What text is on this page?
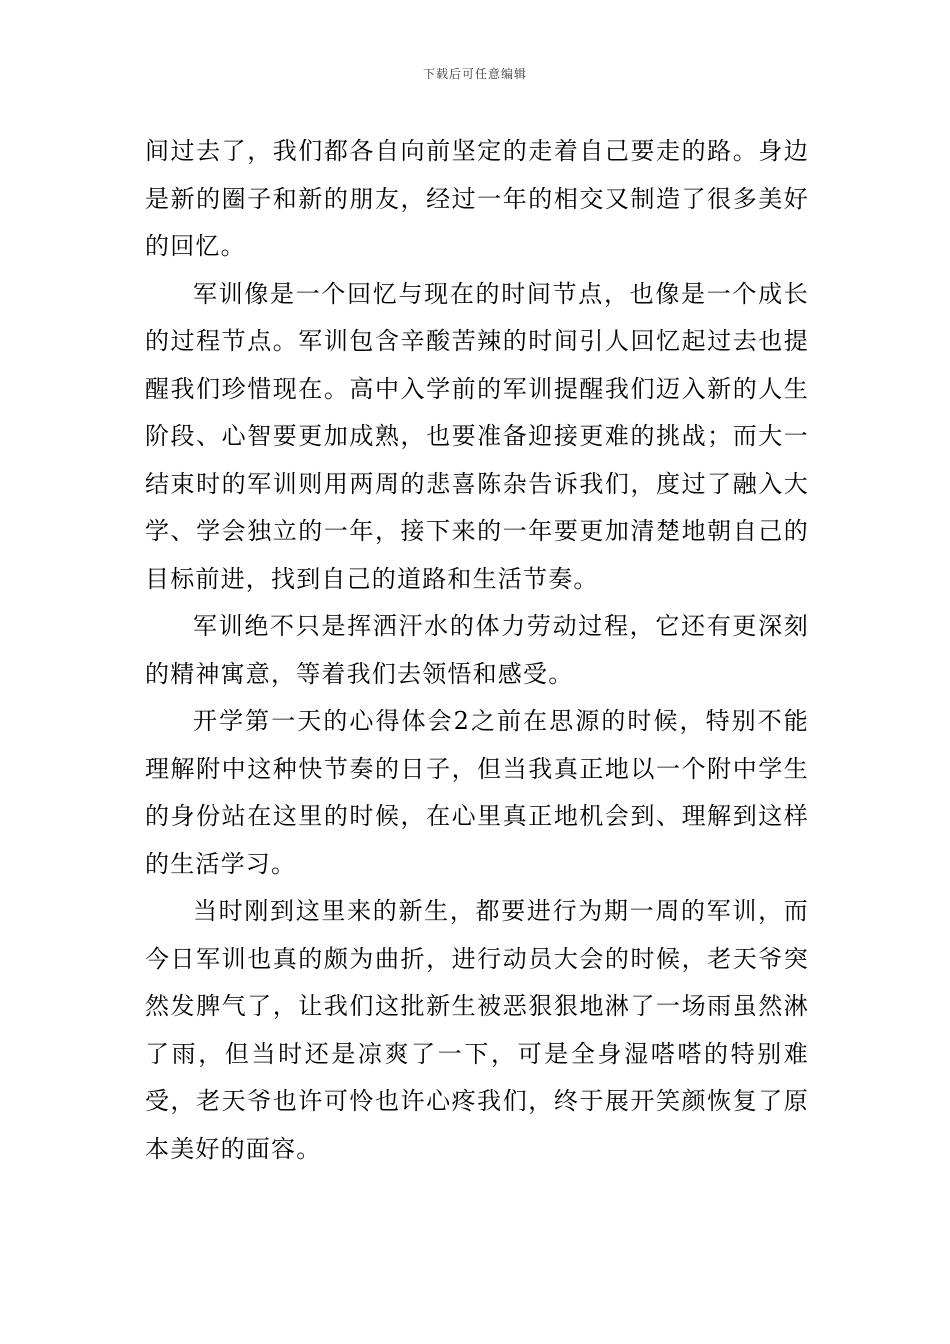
下载后可任意编辑

间过去了，我们都各自向前坚定的走着自己要走的路。身边是新的圈子和新的朋友，经过一年的相交又制造了很多美好的回忆。

军训像是一个回忆与现在的时间节点，也像是一个成长的过程节点。军训包含辛酸苦辣的时间引人回忆起过去也提醒我们珍惜现在。高中入学前的军训提醒我们迈入新的人生阶段、心智要更加成熟，也要准备迎接更难的挑战；而大一结束时的军训则用两周的悲喜陈杂告诉我们，度过了融入大学、学会独立的一年，接下来的一年要更加清楚地朝自己的目标前进，找到自己的道路和生活节奏。

军训绝不只是挥洒汗水的体力劳动过程，它还有更深刻的精神寓意，等着我们去领悟和感受。

开学第一天的心得体会2之前在思源的时候，特别不能理解附中这种快节奏的日子，但当我真正地以一个附中学生的身份站在这里的时候，在心里真正地机会到、理解到这样的生活学习。

当时刚到这里来的新生，都要进行为期一周的军训，而今日军训也真的颇为曲折，进行动员大会的时候，老天爷突然发脾气了，让我们这批新生被恶狠狠地淋了一场雨虽然淋了雨，但当时还是凉爽了一下，可是全身湿嗒嗒的特别难受，老天爷也许可怜也许心疼我们，终于展开笑颜恢复了原本美好的面容。
